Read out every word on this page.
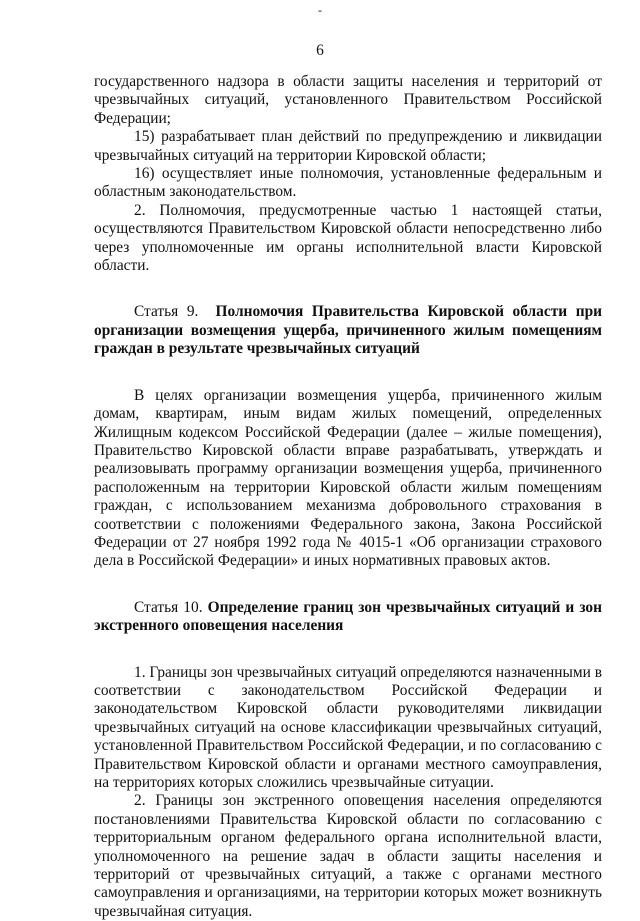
-
6

государственного надзора в области защиты населения и территорий от чрезвычайных ситуаций, установленного Правительством Российской Федерации;

15) разрабатывает план действий по предупреждению и ликвидации чрезвычайных ситуаций на территории Кировской области;

16) осуществляет иные полномочия, установленные федеральным и областным законодательством.

2. Полномочия, предусмотренные частью 1 настоящей статьи, осуществляются Правительством Кировской области непосредственно либо через уполномоченные им органы исполнительной власти Кировской области.

Статья 9. Полномочия Правительства Кировской области при организации возмещения ущерба, причиненного жилым помещениям граждан в результате чрезвычайных ситуаций

В целях организации возмещения ущерба, причиненного жилым домам, квартирам, иным видам жилых помещений, определенных Жилищным кодексом Российской Федерации (далее – жилые помещения), Правительство Кировской области вправе разрабатывать, утверждать и реализовывать программу организации возмещения ущерба, причиненного расположенным на территории Кировской области жилым помещениям граждан, с использованием механизма добровольного страхования в соответствии с положениями Федерального закона, Закона Российской Федерации от 27 ноября 1992 года № 4015-1 «Об организации страхового дела в Российской Федерации» и иных нормативных правовых актов.

Статья 10. Определение границ зон чрезвычайных ситуаций и зон экстренного оповещения населения

1. Границы зон чрезвычайных ситуаций определяются назначенными в соответствии с законодательством Российской Федерации и законодательством Кировской области руководителями ликвидации чрезвычайных ситуаций на основе классификации чрезвычайных ситуаций, установленной Правительством Российской Федерации, и по согласованию с Правительством Кировской области и органами местного самоуправления, на территориях которых сложились чрезвычайные ситуации.

2. Границы зон экстренного оповещения населения определяются постановлениями Правительства Кировской области по согласованию с территориальным органом федерального органа исполнительной власти, уполномоченного на решение задач в области защиты населения и территорий от чрезвычайных ситуаций, а также с органами местного самоуправления и организациями, на территории которых может возникнуть чрезвычайная ситуация.
